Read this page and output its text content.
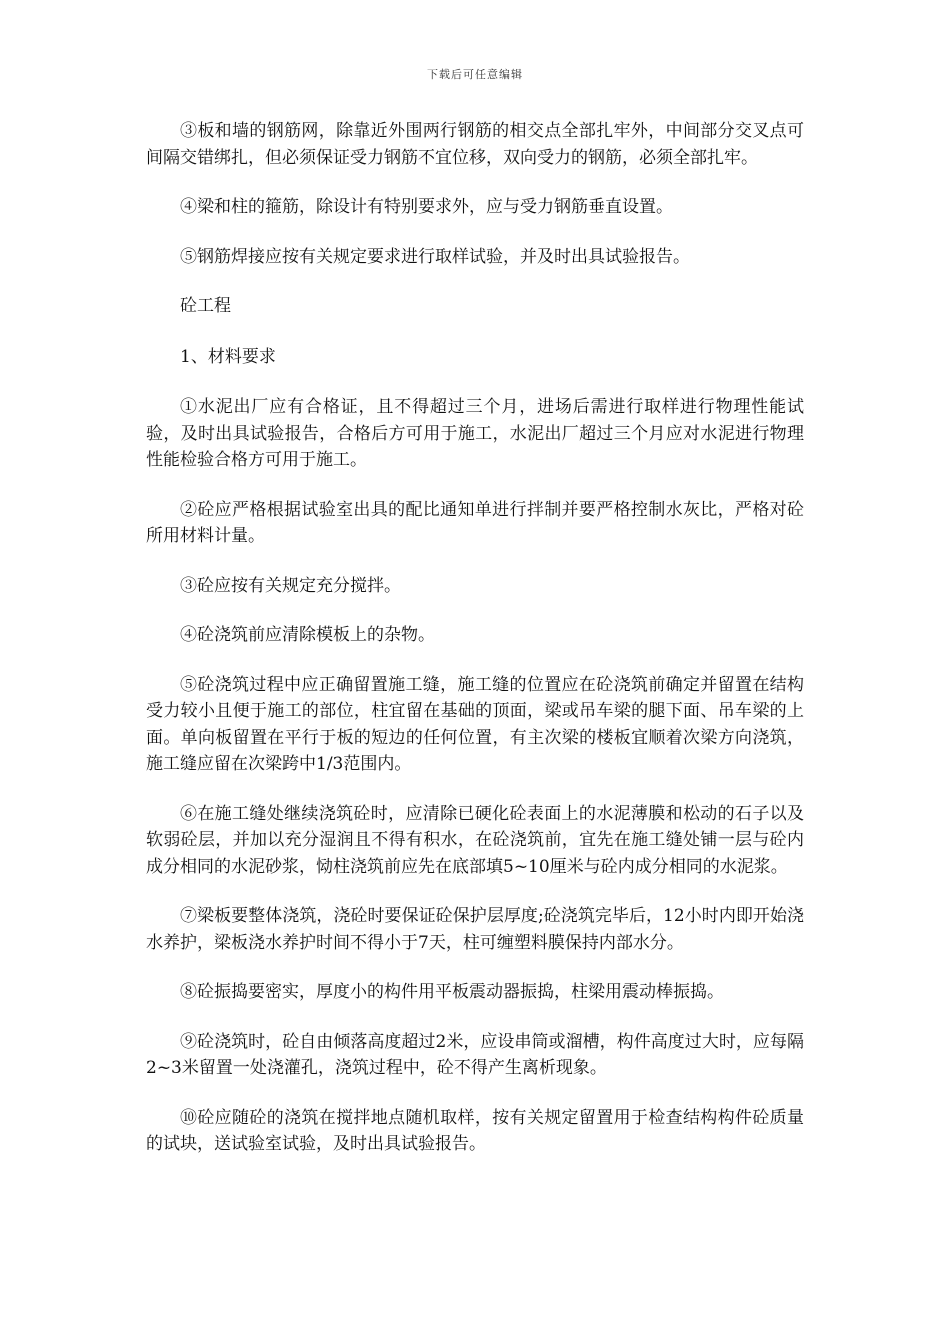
下载后可任意编辑

③板和墙的钢筋网，除靠近外围两行钢筋的相交点全部扎牢外，中间部分交叉点可间隔交错绑扎，但必须保证受力钢筋不宜位移，双向受力的钢筋，必须全部扎牢。

④梁和柱的箍筋，除设计有特别要求外，应与受力钢筋垂直设置。

⑤钢筋焊接应按有关规定要求进行取样试验，并及时出具试验报告。

砼工程

1、材料要求

①水泥出厂应有合格证，且不得超过三个月，进场后需进行取样进行物理性能试验，及时出具试验报告，合格后方可用于施工，水泥出厂超过三个月应对水泥进行物理性能检验合格方可用于施工。

②砼应严格根据试验室出具的配比通知单进行拌制并要严格控制水灰比，严格对砼所用材料计量。

③砼应按有关规定充分搅拌。

④砼浇筑前应清除模板上的杂物。

⑤砼浇筑过程中应正确留置施工缝，施工缝的位置应在砼浇筑前确定并留置在结构受力较小且便于施工的部位，柱宜留在基础的顶面，梁或吊车梁的腿下面、吊车梁的上面。单向板留置在平行于板的短边的任何位置，有主次梁的楼板宜顺着次梁方向浇筑，施工缝应留在次梁跨中1/3范围内。

⑥在施工缝处继续浇筑砼时，应清除已硬化砼表面上的水泥薄膜和松动的石子以及软弱砼层，并加以充分湿润且不得有积水，在砼浇筑前，宜先在施工缝处铺一层与砼内成分相同的水泥砂浆，恸柱浇筑前应先在底部填5~10厘米与砼内成分相同的水泥浆。

⑦梁板要整体浇筑，浇砼时要保证砼保护层厚度;砼浇筑完毕后，12小时内即开始浇水养护，梁板浇水养护时间不得小于7天，柱可缠塑料膜保持内部水分。

⑧砼振捣要密实，厚度小的构件用平板震动器振捣，柱梁用震动棒振捣。

⑨砼浇筑时，砼自由倾落高度超过2米，应设串筒或溜槽，构件高度过大时，应每隔2~3米留置一处浇灌孔，浇筑过程中，砼不得产生离析现象。

⑩砼应随砼的浇筑在搅拌地点随机取样，按有关规定留置用于检查结构构件砼质量的试块，送试验室试验，及时出具试验报告。
